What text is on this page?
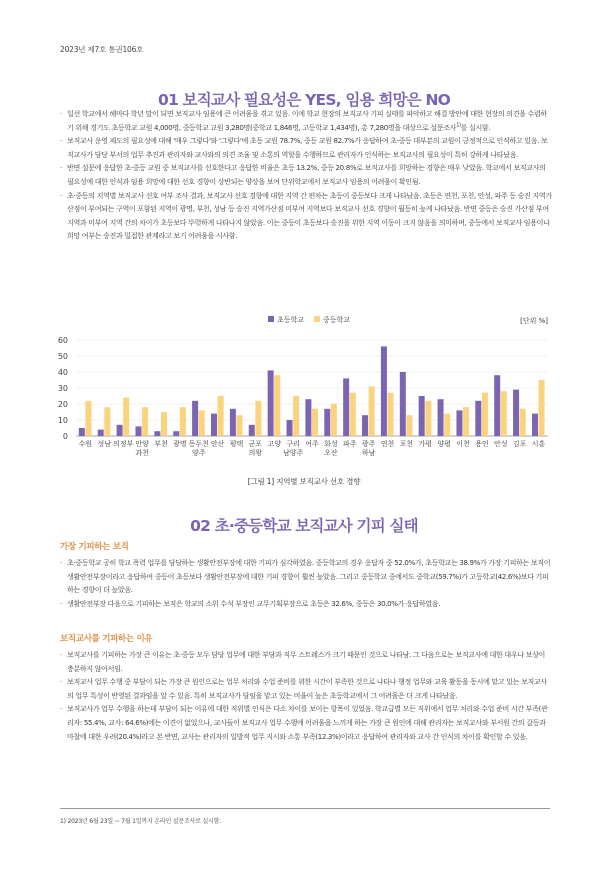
2023년 제7호 통권106호
01 보직교사 필요성은 YES, 임용 희망은 NO
· 일선 학교에서 해마다 학년 말이 되면 보직교사 임용에 큰 어려움을 겪고 있음. 이에 학교 현장의 보직교사 기피 실태를 파악하고 해결 방안에 대한 현장의 의견을 수렴하기 위해 경기도 초등학교 교원 4,000명, 중등학교 교원 3,280명(중학교 1,846명, 고등학교 1,434명), 총 7,280명을 대상으로 설문조사$^{1)}$를 실시함.
· 보직교사 운영 제도의 필요성에 대해 '매우 그렇다'와 '그렇다'에 초등 교원 78.7%, 중등 교원 82.7%가 응답하여 초·중등 대부분의 교원이 긍정적으로 인식하고 있음. 보직교사가 담당 부서의 업무 추진과 관리자와 교사와의 의견 조율 및 소통의 역할을 수행하므로 관리자가 인식하는 보직교사의 필요성이 특히 강하게 나타났음.
· 반면 설문에 응답한 초·중등 교원 중 보직교사를 선호한다고 응답한 비율은 초등 13.2%, 중등 20.8%로 보직교사를 희망하는 경향은 매우 낮았음. 학교에서 보직교사의 필요성에 대한 인식과 임용 희망에 대한 선호 경향이 상반되는 양상을 보여 단위학교에서 보직교사 임용의 어려움이 확인됨.
· 초·중등의 지역별 보직교사 선호 여부 조사 결과, 보직교사 선호 경향에 대한 지역 간 편차는 초등이 중등보다 크게 나타났음. 초등은 연천, 포천, 안성, 파주 등 승진 지역가산점이 부여되는 구역이 포함된 지역이 광명, 부천, 성남 등 승진 지역가산점 미부여 지역보다 보직교사 선호 경향이 월등히 높게 나타났음. 반면 중등은 승진 가산점 부여 지역과 미부여 지역 간의 차이가 초등보다 뚜렷하게 나타나지 않았음. 이는 중등이 초등보다 승진을 위한 지역 이동이 크지 않음을 의미하며, 중등에서 보직교사 임용이나 희망 여부는 승진과 밀접한 관계라고 보기 어려움을 시사함.
0
10
20
30
40
50
60
초등학교	중등학교	[단위 %]
수원 성남 의정부 안양
과천
부천 광명 동두천
양주
안산 평택 군포
의왕
고양 구리
남양주
여주 화성
오산
파주 광주
하남
연천 포천 가평 양평 이천 용인 안성 김포 시흥
[그림 1] 지역별 보직교사 선호 경향
02 초·중등학교 보직교사 기피 실태
가장 기피하는 보직
· 초·중등학교 공히 학교 폭력 업무를 담당하는 생활안전부장에 대한 기피가 심각하였음. 중등학교의 경우 응답자 중 52.0%가, 초등학교는 38.9%가 가장 기피하는 보직이 생활안전부장이라고 응답하여 중등이 초등보다 생활안전부장에 대한 기피 경향이 훨씬 높았음. 그리고 중등학교 중에서도 중학교(59.7%)가 고등학교(42.6%)보다 기피하는 경향이 더 높았음.
· 생활안전부장 다음으로 기피하는 보직은 학교의 소위 수석 부장인 교무기획부장으로 초등은 32.6%, 중등은 30.0%가 응답하였음.
보직교사를 기피하는 이유
· 보직교사를 기피하는 가장 큰 이유는 초·중등 모두 담당 업무에 대한 부담과 직무 스트레스가 크기 때문인 것으로 나타남. 그 다음으로는 보직교사에 대한 대우나 보상이 충분하지 않아서임.
· 보직교사 업무 수행 중 부담이 되는 가장 큰 원인으로는 업무 처리와 수업 준비를 위한 시간이 부족한 것으로 나타나 행정 업무와 교육 활동을 동시에 맡고 있는 보직교사의 업무 특성이 반영된 결과임을 알 수 있음. 특히 보직교사가 담임을 맡고 있는 비율이 높은 초등학교에서 그 어려움은 더 크게 나타났음.
· 보직교사가 업무 수행을 하는데 부담이 되는 이유에 대한 직위별 인식은 다소 차이를 보이는 항목이 있었음. 학교급별 모든 직위에서 업무 처리와 수업 준비 시간 부족(관리자: 55.4%, 교사: 64.6%)에는 이견이 없었으나, 교사들이 보직교사 업무 수행에 어려움을 느끼게 하는 가장 큰 원인에 대해 관리자는 보직교사와 부서원 간의 갈등과 마찰에 대한 우려(20.4%)라고 본 반면, 교사는 관리자의 일방적 업무 지시와 소통 부족(12.3%)이라고 응답하여 관리자와 교사 간 인식의 차이를 확인할 수 있음.
1) 2023년 6월 23일 ~ 7월 1일까지 온라인 설문조사로 실시함.
